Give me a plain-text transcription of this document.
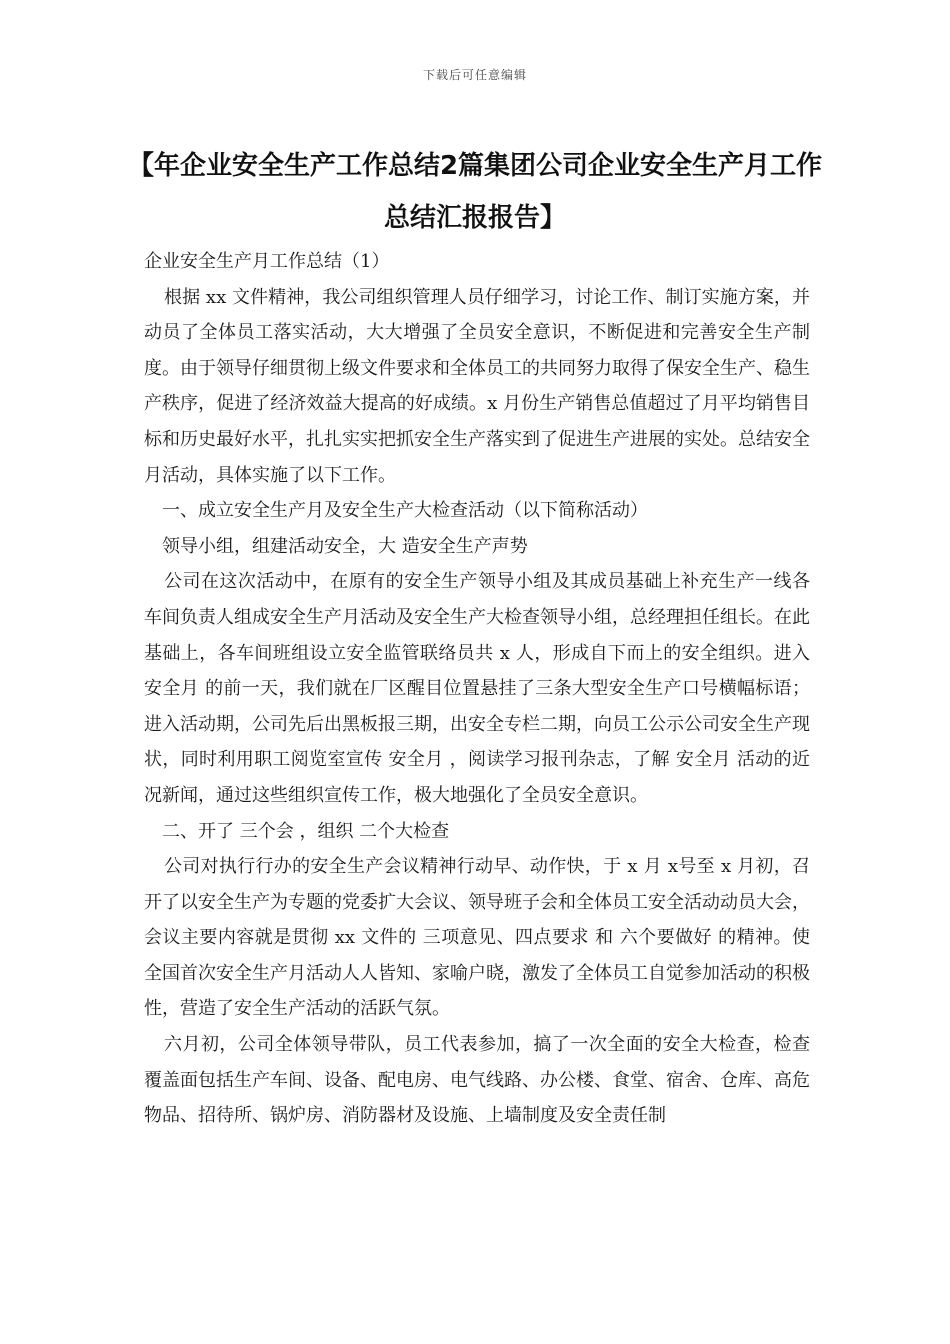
下载后可任意编辑
【年企业安全生产工作总结2篇集团公司企业安全生产月工作总结汇报报告】

企业安全生产月工作总结（1）

根据 xx 文件精神，我公司组织管理人员仔细学习，讨论工作、制订实施方案，并动员了全体员工落实活动，大大增强了全员安全意识，不断促进和完善安全生产制度。由于领导仔细贯彻上级文件要求和全体员工的共同努力取得了保安全生产、稳生产秩序，促进了经济效益大提高的好成绩。x 月份生产销售总值超过了月平均销售目标和历史最好水平，扎扎实实把抓安全生产落实到了促进生产进展的实处。总结安全月活动，具体实施了以下工作。

一、成立安全生产月及安全生产大检查活动（以下简称活动）

领导小组，组建活动安全，大 造安全生产声势

公司在这次活动中，在原有的安全生产领导小组及其成员基础上补充生产一线各车间负责人组成安全生产月活动及安全生产大检查领导小组，总经理担任组长。在此基础上，各车间班组设立安全监管联络员共 x 人，形成自下而上的安全组织。进入 安全月 的前一天，我们就在厂区醒目位置悬挂了三条大型安全生产口号横幅标语；进入活动期，公司先后出黑板报三期，出安全专栏二期，向员工公示公司安全生产现状，同时利用职工阅览室宣传 安全月 ，阅读学习报刊杂志，了解 安全月 活动的近况新闻，通过这些组织宣传工作，极大地强化了全员安全意识。

二、开了 三个会 ，组织 二个大检查

公司对执行行办的安全生产会议精神行动早、动作快，于 x 月 x号至 x 月初，召开了以安全生产为专题的党委扩大会议、领导班子会和全体员工安全活动动员大会，会议主要内容就是贯彻 xx 文件的 三项意见、四点要求 和 六个要做好 的精神。使全国首次安全生产月活动人人皆知、家喻户晓，激发了全体员工自觉参加活动的积极性，营造了安全生产活动的活跃气氛。

六月初，公司全体领导带队，员工代表参加，搞了一次全面的安全大检查，检查覆盖面包括生产车间、设备、配电房、电气线路、办公楼、食堂、宿舍、仓库、高危物品、招待所、锅炉房、消防器材及设施、上墙制度及安全责任制
